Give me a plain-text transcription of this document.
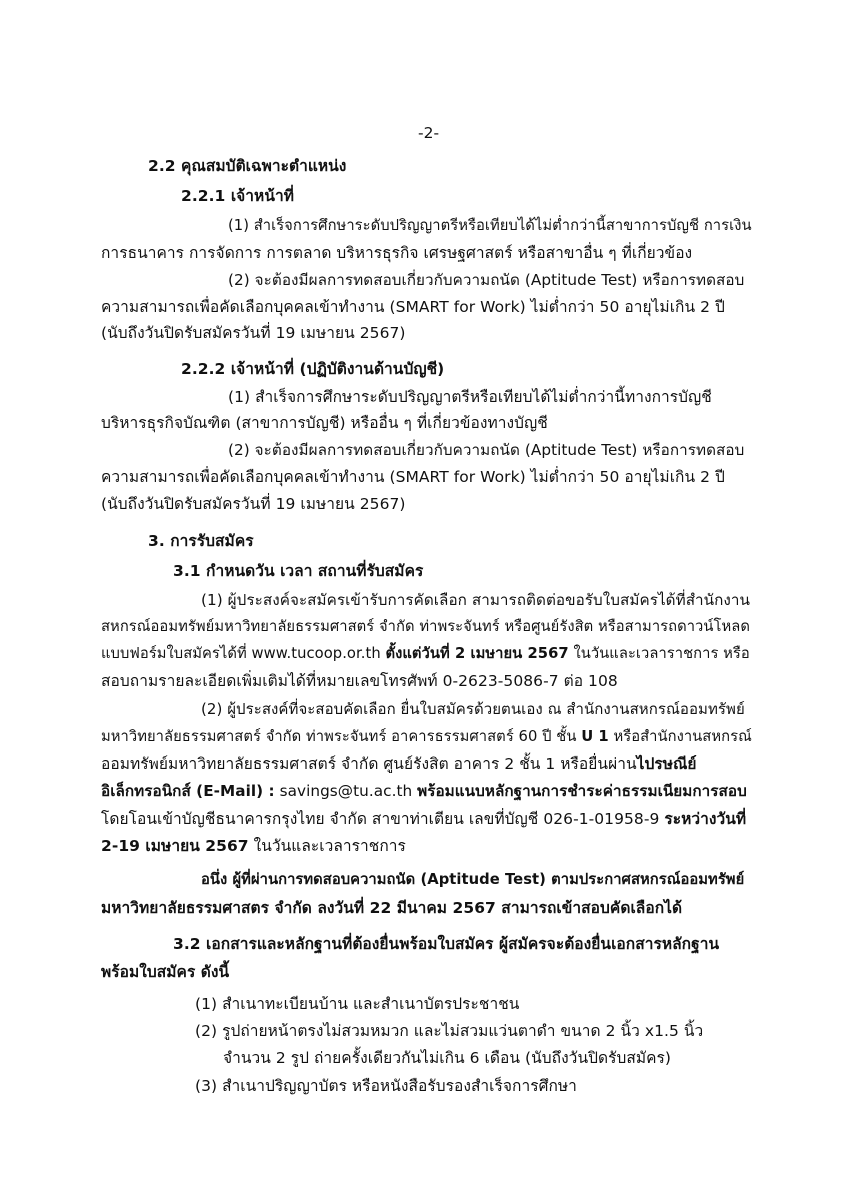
-2-
2.2 คุณสมบัติเฉพาะตำแหน่ง
2.2.1 เจ้าหน้าที่
(1) สำเร็จการศึกษาระดับปริญญาตรีหรือเทียบได้ไม่ต่ำกว่านี้สาขาการบัญชี การเงิน
การธนาคาร การจัดการ การตลาด บริหารธุรกิจ เศรษฐศาสตร์ หรือสาขาอื่น ๆ ที่เกี่ยวข้อง
(2) จะต้องมีผลการทดสอบเกี่ยวกับความถนัด (Aptitude Test) หรือการทดสอบ
ความสามารถเพื่อคัดเลือกบุคคลเข้าทำงาน (SMART for Work) ไม่ต่ำกว่า 50 อายุไม่เกิน 2 ปี
(นับถึงวันปิดรับสมัครวันที่ 19 เมษายน 2567)
2.2.2 เจ้าหน้าที่ (ปฏิบัติงานด้านบัญชี)
(1) สำเร็จการศึกษาระดับปริญญาตรีหรือเทียบได้ไม่ต่ำกว่านี้ทางการบัญชี
บริหารธุรกิจบัณฑิต (สาขาการบัญชี) หรืออื่น ๆ ที่เกี่ยวข้องทางบัญชี
(2) จะต้องมีผลการทดสอบเกี่ยวกับความถนัด (Aptitude Test) หรือการทดสอบ
ความสามารถเพื่อคัดเลือกบุคคลเข้าทำงาน (SMART for Work) ไม่ต่ำกว่า 50 อายุไม่เกิน 2 ปี
(นับถึงวันปิดรับสมัครวันที่ 19 เมษายน 2567)
3. การรับสมัคร
3.1 กำหนดวัน เวลา สถานที่รับสมัคร
(1) ผู้ประสงค์จะสมัครเข้ารับการคัดเลือก สามารถติดต่อขอรับใบสมัครได้ที่สำนักงาน
สหกรณ์ออมทรัพย์มหาวิทยาลัยธรรมศาสตร์ จำกัด ท่าพระจันทร์ หรือศูนย์รังสิต หรือสามารถดาวน์โหลด
แบบฟอร์มใบสมัครได้ที่ www.tucoop.or.th ตั้งแต่วันที่ 2 เมษายน 2567 ในวันและเวลาราชการ หรือ
สอบถามรายละเอียดเพิ่มเติมได้ที่หมายเลขโทรศัพท์ 0-2623-5086-7 ต่อ 108
(2) ผู้ประสงค์ที่จะสอบคัดเลือก ยื่นใบสมัครด้วยตนเอง ณ สำนักงานสหกรณ์ออมทรัพย์
มหาวิทยาลัยธรรมศาสตร์ จำกัด ท่าพระจันทร์ อาคารธรรมศาสตร์ 60 ปี ชั้น U 1 หรือสำนักงานสหกรณ์
ออมทรัพย์มหาวิทยาลัยธรรมศาสตร์ จำกัด ศูนย์รังสิต อาคาร 2 ชั้น 1 หรือยื่นผ่านไปรษณีย์
อิเล็กทรอนิกส์ (E-Mail) : savings@tu.ac.th พร้อมแนบหลักฐานการชำระค่าธรรมเนียมการสอบ
โดยโอนเข้าบัญชีธนาคารกรุงไทย จำกัด สาขาท่าเตียน เลขที่บัญชี 026-1-01958-9 ระหว่างวันที่
2-19 เมษายน 2567 ในวันและเวลาราชการ
อนึ่ง ผู้ที่ผ่านการทดสอบความถนัด (Aptitude Test) ตามประกาศสหกรณ์ออมทรัพย์
มหาวิทยาลัยธรรมศาสตร จำกัด ลงวันที่ 22 มีนาคม 2567 สามารถเข้าสอบคัดเลือกได้
3.2 เอกสารและหลักฐานที่ต้องยื่นพร้อมใบสมัคร ผู้สมัครจะต้องยื่นเอกสารหลักฐาน
พร้อมใบสมัคร ดังนี้
(1) สำเนาทะเบียนบ้าน และสำเนาบัตรประชาชน
(2) รูปถ่ายหน้าตรงไม่สวมหมวก และไม่สวมแว่นตาดำ ขนาด 2 นิ้ว x1.5 นิ้ว
จำนวน 2 รูป ถ่ายครั้งเดียวกันไม่เกิน 6 เดือน (นับถึงวันปิดรับสมัคร)
(3) สำเนาปริญญาบัตร หรือหนังสือรับรองสำเร็จการศึกษา
